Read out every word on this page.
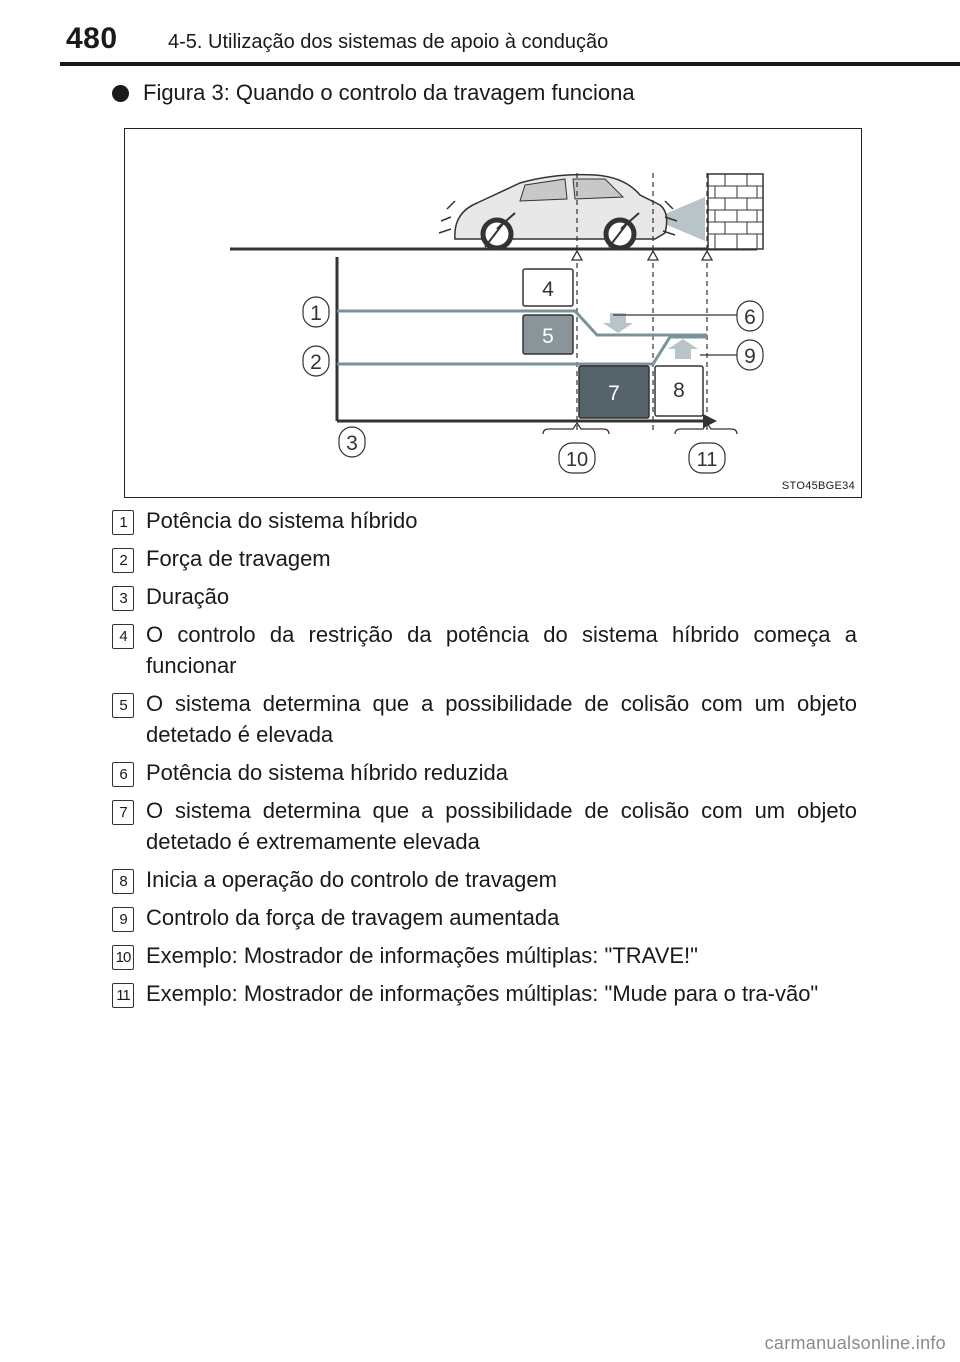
480	4-5. Utilização dos sistemas de apoio à condução
Figura 3: Quando o controlo da travagem funciona
1
2
3
4
5
6
7	8
9
10	11
STO45BGE34
1 Potência do sistema híbrido
2 Força de travagem
3 Duração
4 O controlo da restrição da potência do sistema híbrido começa a funcionar
5 O sistema determina que a possibilidade de colisão com um objeto detetado é elevada
6 Potência do sistema híbrido reduzida
7 O sistema determina que a possibilidade de colisão com um objeto detetado é extremamente elevada
8 Inicia a operação do controlo de travagem
9 Controlo da força de travagem aumentada
10 Exemplo: Mostrador de informações múltiplas: "TRAVE!"
11 Exemplo: Mostrador de informações múltiplas: "Mude para o tra-vão"
carmanualsonline.info
